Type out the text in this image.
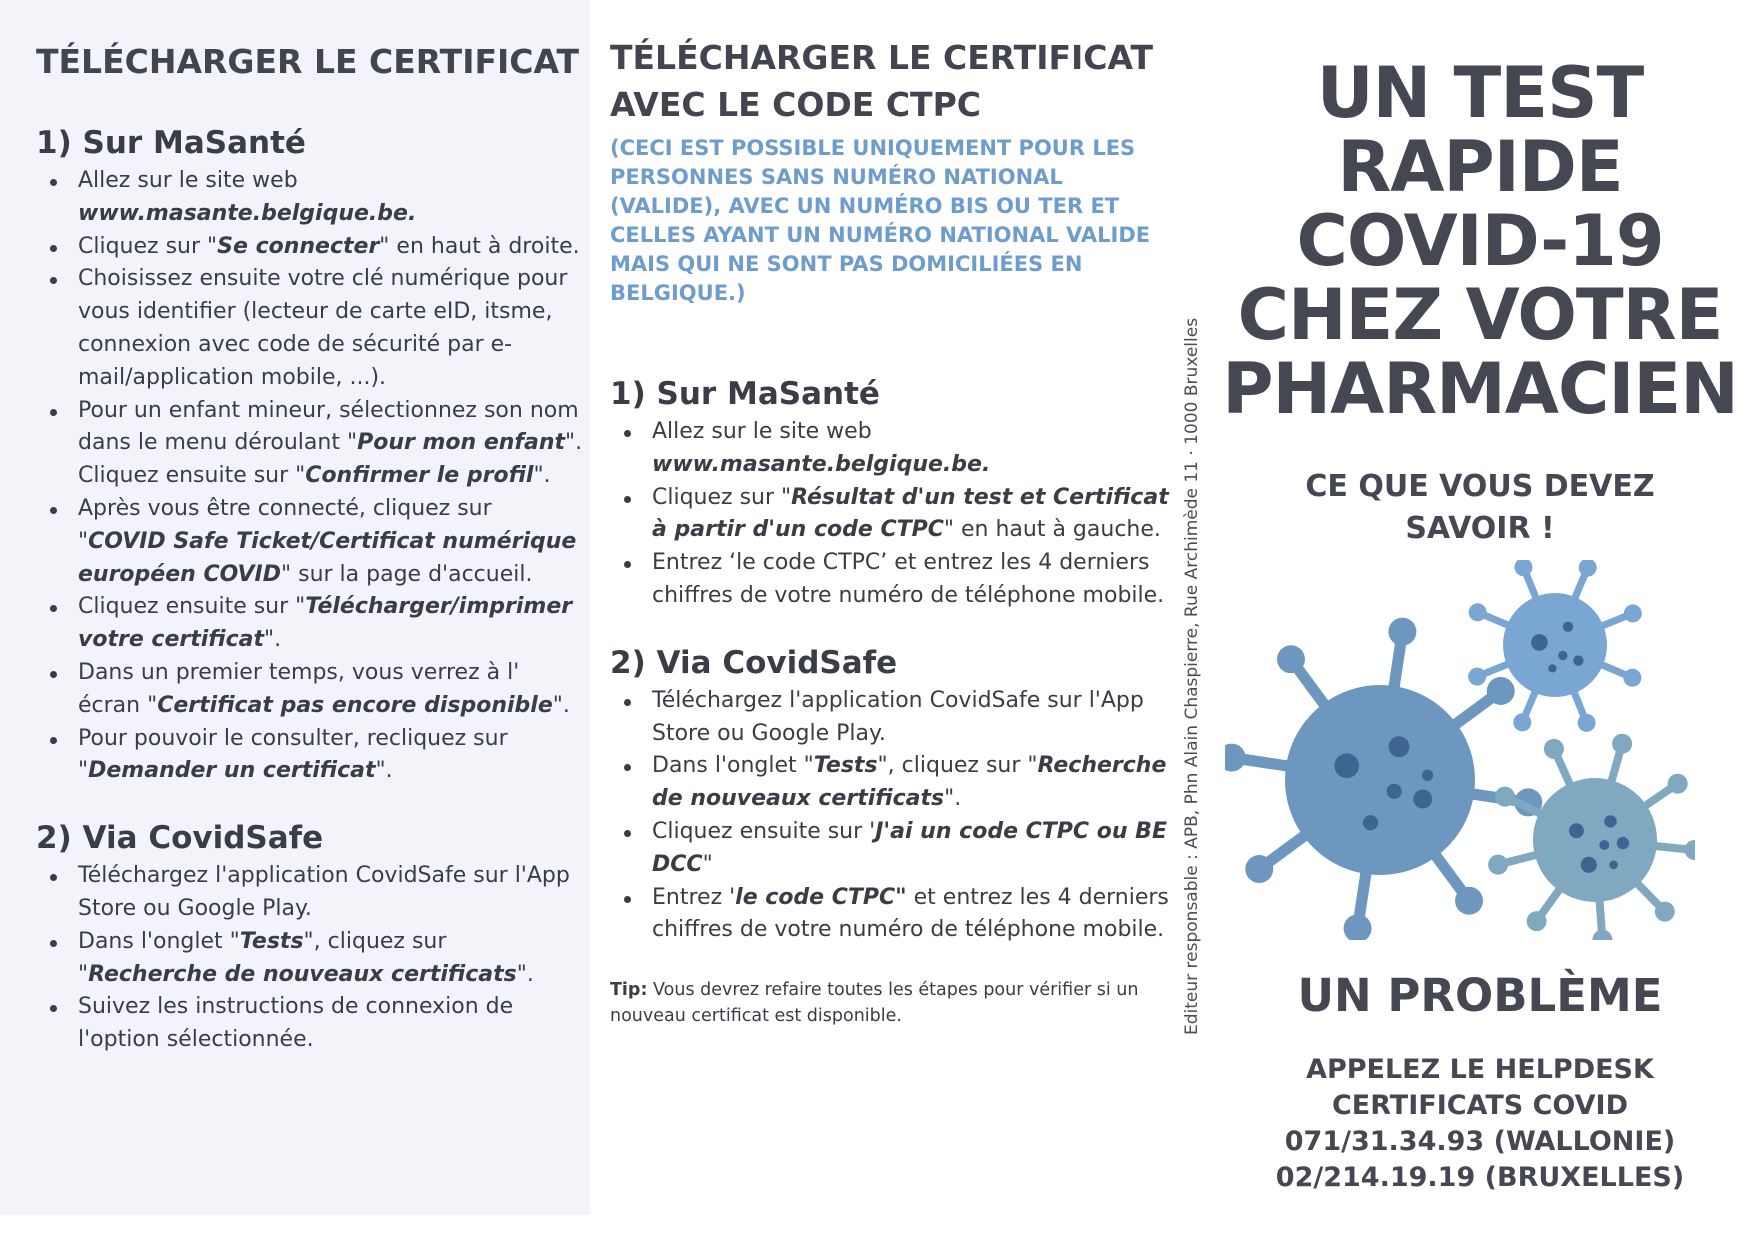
TÉLÉCHARGER LE CERTIFICAT
1) Sur MaSanté
Allez sur le site web www.masante.belgique.be.
Cliquez sur "Se connecter" en haut à droite.
Choisissez ensuite votre clé numérique pour vous identifier (lecteur de carte eID, itsme, connexion avec code de sécurité par e-mail/application mobile, ...).
Pour un enfant mineur, sélectionnez son nom dans le menu déroulant "Pour mon enfant". Cliquez ensuite sur "Confirmer le profil".
Après vous être connecté, cliquez sur "COVID Safe Ticket/Certificat numérique européen COVID" sur la page d'accueil.
Cliquez ensuite sur "Télécharger/imprimer votre certificat".
Dans un premier temps, vous verrez à l' écran "Certificat pas encore disponible".
Pour pouvoir le consulter, recliquez sur "Demander un certificat".
2) Via CovidSafe
Téléchargez l'application CovidSafe sur l'App Store ou Google Play.
Dans l'onglet "Tests", cliquez sur "Recherche de nouveaux certificats".
Suivez les instructions de connexion de l'option sélectionnée.
TÉLÉCHARGER LE CERTIFICAT
AVEC LE CODE CTPC

(CECI EST POSSIBLE UNIQUEMENT POUR LES PERSONNES SANS NUMÉRO NATIONAL (VALIDE), AVEC UN NUMÉRO BIS OU TER ET CELLES AYANT UN NUMÉRO NATIONAL VALIDE MAIS QUI NE SONT PAS DOMICILIÉES EN BELGIQUE.)

1) Sur MaSanté
Allez sur le site web www.masante.belgique.be.
Cliquez sur "Résultat d'un test et Certificat à partir d'un code CTPC" en haut à gauche.
Entrez ‘le code CTPC’ et entrez les 4 derniers chiffres de votre numéro de téléphone mobile.
2) Via CovidSafe
Téléchargez l'application CovidSafe sur l'App Store ou Google Play.
Dans l'onglet "Tests", cliquez sur "Recherche de nouveaux certificats".
Cliquez ensuite sur 'J'ai un code CTPC ou BE DCC"
Entrez 'le code CTPC" et entrez les 4 derniers chiffres de votre numéro de téléphone mobile.

Tip: Vous devrez refaire toutes les étapes pour vérifier si un nouveau certificat est disponible.	Editeur responsable : APB, Phn Alain Chaspierre, Rue Archimède 11 · 1000 Bruxelles
UN TEST
RAPIDE
COVID-19
CHEZ VOTRE
PHARMACIEN

CE QUE VOUS DEVEZ
SAVOIR !

UN PROBLÈME

APPELEZ LE HELPDESK
CERTIFICATS COVID
071/31.34.93 (WALLONIE)
02/214.19.19 (BRUXELLES)
